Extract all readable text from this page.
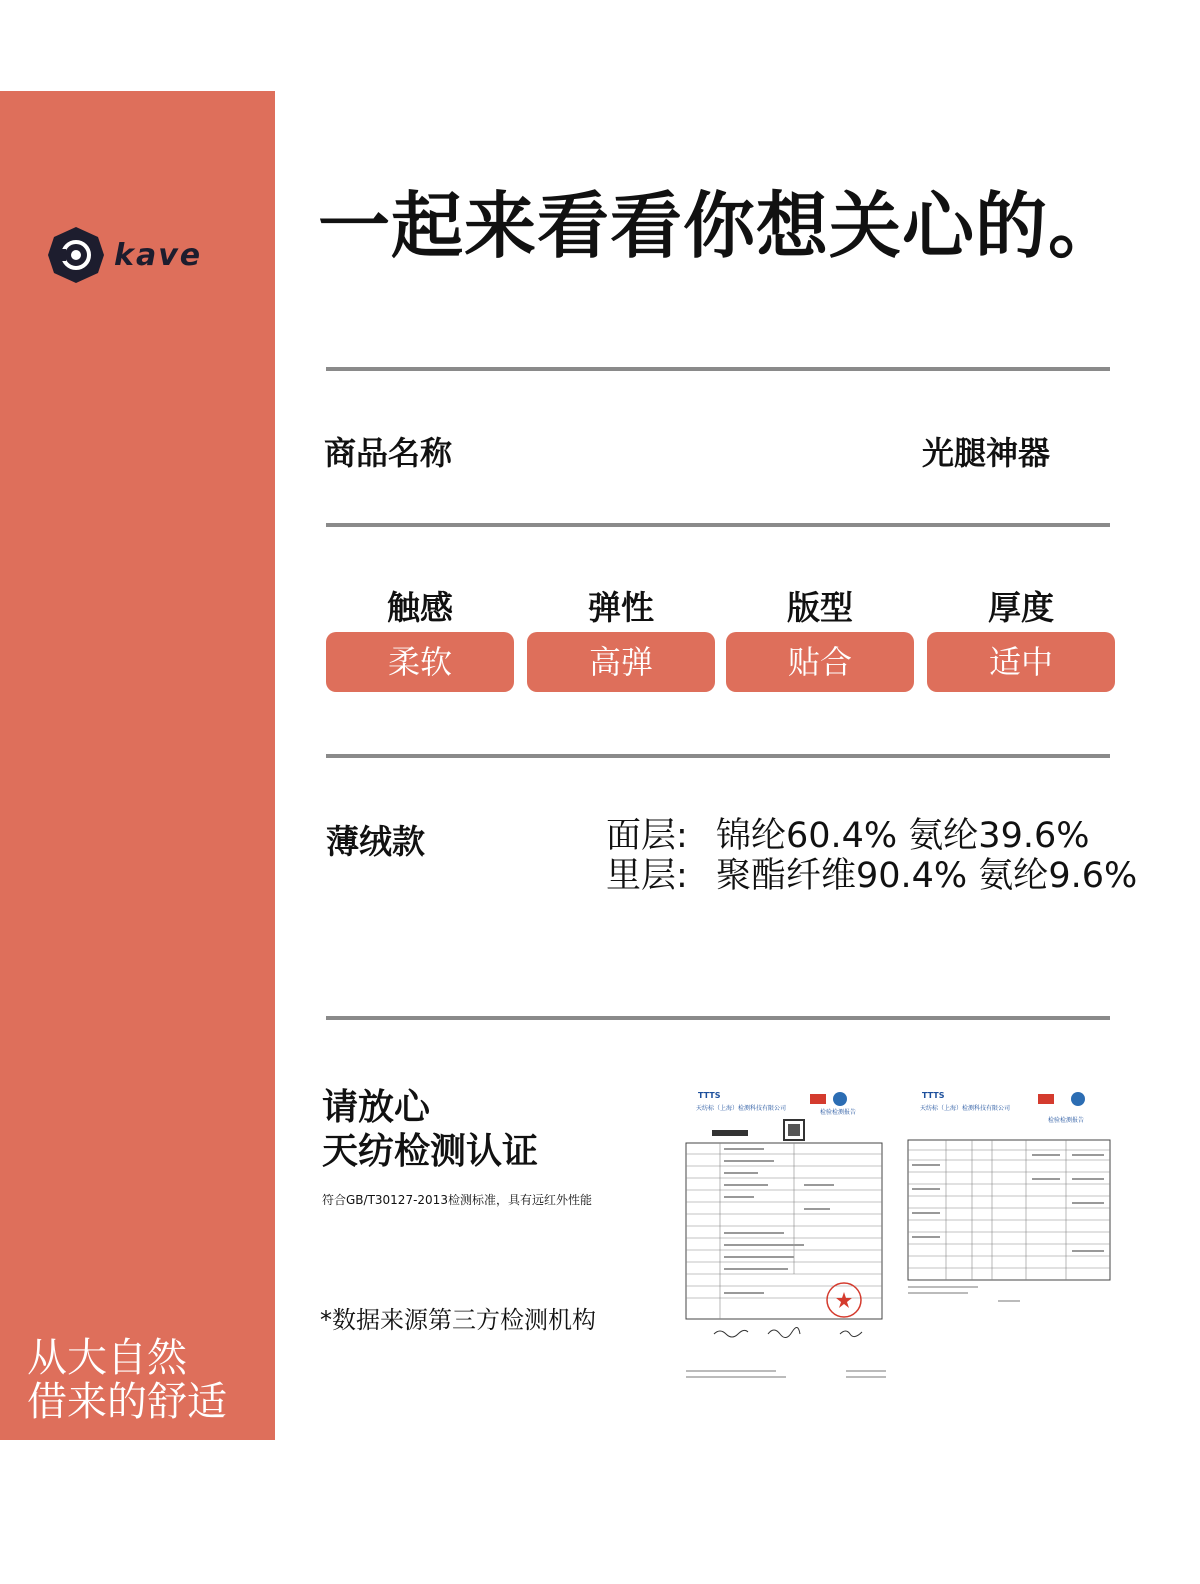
kave
从大自然
借来的舒适
一起来看看你想关心的。
商品名称	光腿神器
触感
柔软
弹性
高弹
版型
贴合
厚度
适中
薄绒款	面层: 锦纶60.4% 氨纶39.6%
里层: 聚酯纤维90.4% 氨纶9.6%
请放心
天纺检测认证
符合GB/T30127-2013检测标准，具有远红外性能
*数据来源第三方检测机构
TTTS
天纺标（上海）检测科技有限公司
检验检测报告
TTTS
天纺标（上海）检测科技有限公司
检验检测报告
